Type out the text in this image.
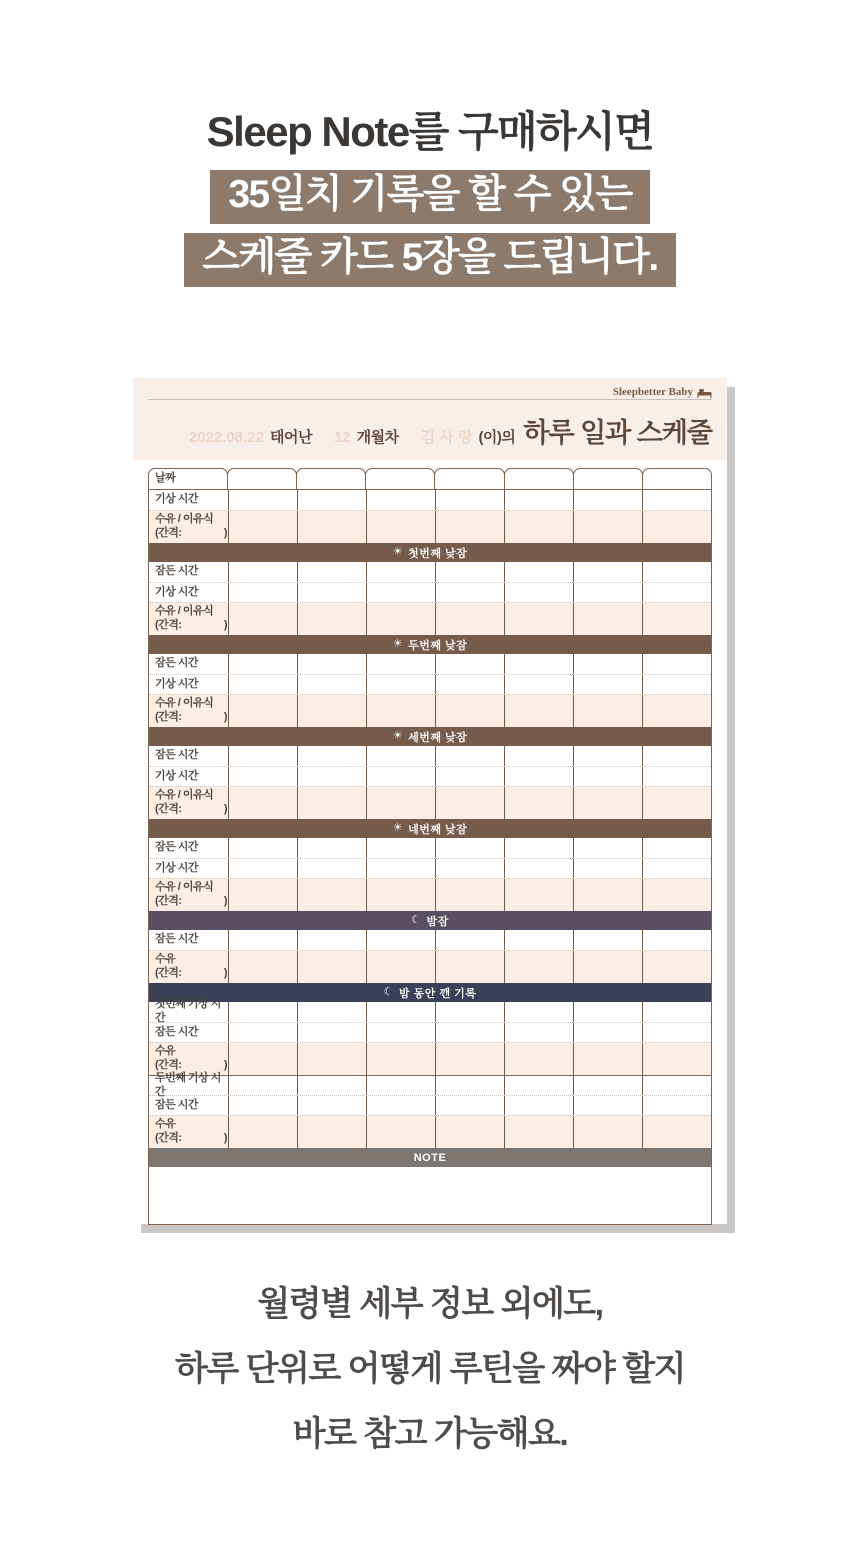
Sleep Note를 구매하시면
35일치 기록을 할 수 있는
스케줄 카드 5장을 드립니다.
Sleepbetter Baby
2022.08.22 태어난 12 개월차 김 사 랑 (이)의 하루 일과 스케줄
날짜
기상 시간
수유 / 이유식
(간격:	)
☀ 첫번째 낮잠
잠든 시간
기상 시간
수유 / 이유식
(간격:	)
☀ 두번째 낮잠
잠든 시간
기상 시간
수유 / 이유식
(간격:	)
☀ 세번째 낮잠
잠든 시간
기상 시간
수유 / 이유식
(간격:	)
☀ 네번째 낮잠
잠든 시간
기상 시간
수유 / 이유식
(간격:	)
☾ 밤잠
잠든 시간
수유
(간격:	)
☾ 밤 동안 깬 기록
첫번째 기상 시간
잠든 시간
수유
(간격:	)
두번째 기상 시간
잠든 시간
수유
(간격:	)
NOTE
월령별 세부 정보 외에도,
하루 단위로 어떻게 루틴을 짜야 할지
바로 참고 가능해요.
